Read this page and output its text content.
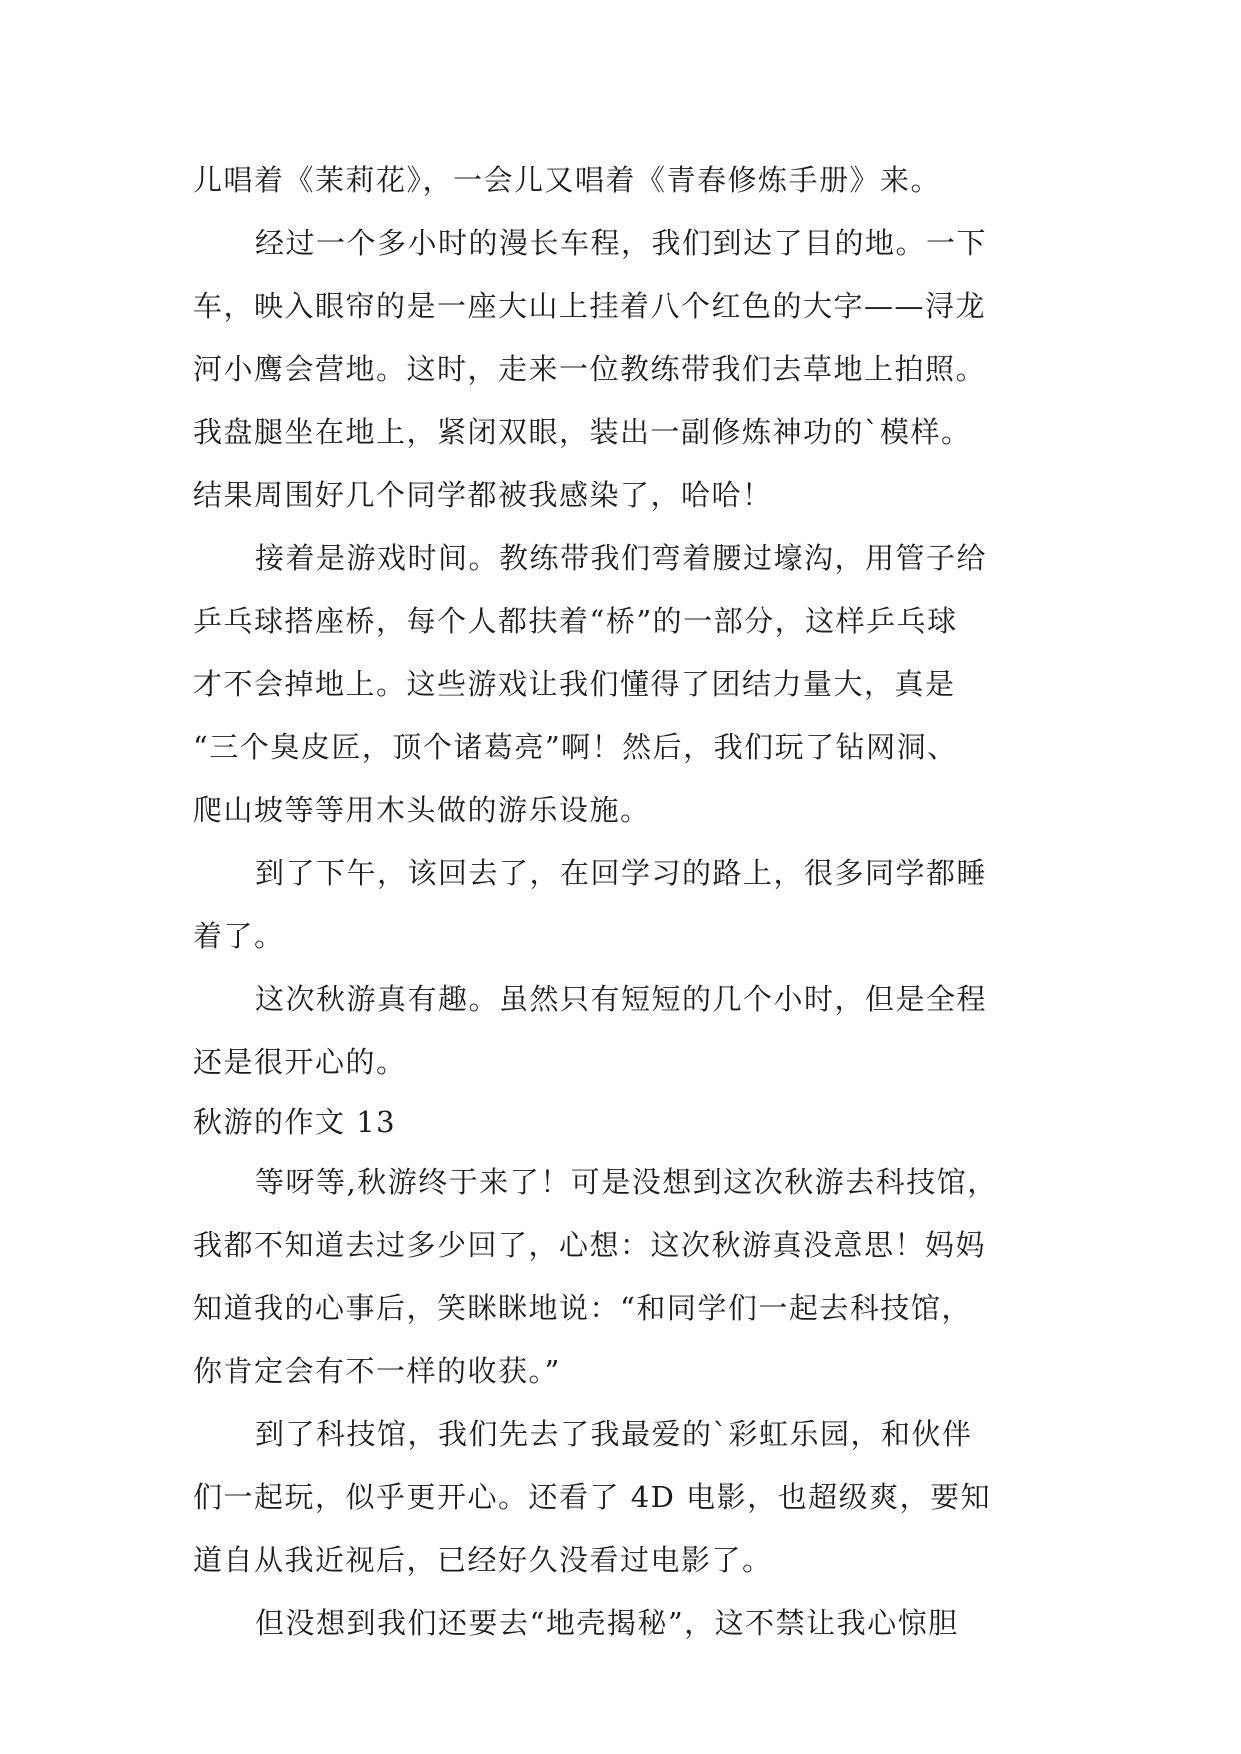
儿唱着《茉莉花》，一会儿又唱着《青春修炼手册》来。
经过一个多小时的漫长车程，我们到达了目的地。一下
车，映入眼帘的是一座大山上挂着八个红色的大字——浔龙
河小鹰会营地。这时，走来一位教练带我们去草地上拍照。
我盘腿坐在地上，紧闭双眼，装出一副修炼神功的`模样。
结果周围好几个同学都被我感染了，哈哈！
接着是游戏时间。教练带我们弯着腰过壕沟，用管子给
乒乓球搭座桥，每个人都扶着“桥”的一部分，这样乒乓球
才不会掉地上。这些游戏让我们懂得了团结力量大，真是
“三个臭皮匠，顶个诸葛亮”啊！然后，我们玩了钻网洞、
爬山坡等等用木头做的游乐设施。
到了下午，该回去了，在回学习的路上，很多同学都睡
着了。
这次秋游真有趣。虽然只有短短的几个小时，但是全程
还是很开心的。
秋游的作文 13
等呀等,秋游终于来了！可是没想到这次秋游去科技馆，
我都不知道去过多少回了，心想：这次秋游真没意思！妈妈
知道我的心事后，笑眯眯地说：“和同学们一起去科技馆，
你肯定会有不一样的收获。”
到了科技馆，我们先去了我最爱的`彩虹乐园，和伙伴
们一起玩，似乎更开心。还看了 4D 电影，也超级爽，要知
道自从我近视后，已经好久没看过电影了。
但没想到我们还要去“地壳揭秘”，这不禁让我心惊胆
